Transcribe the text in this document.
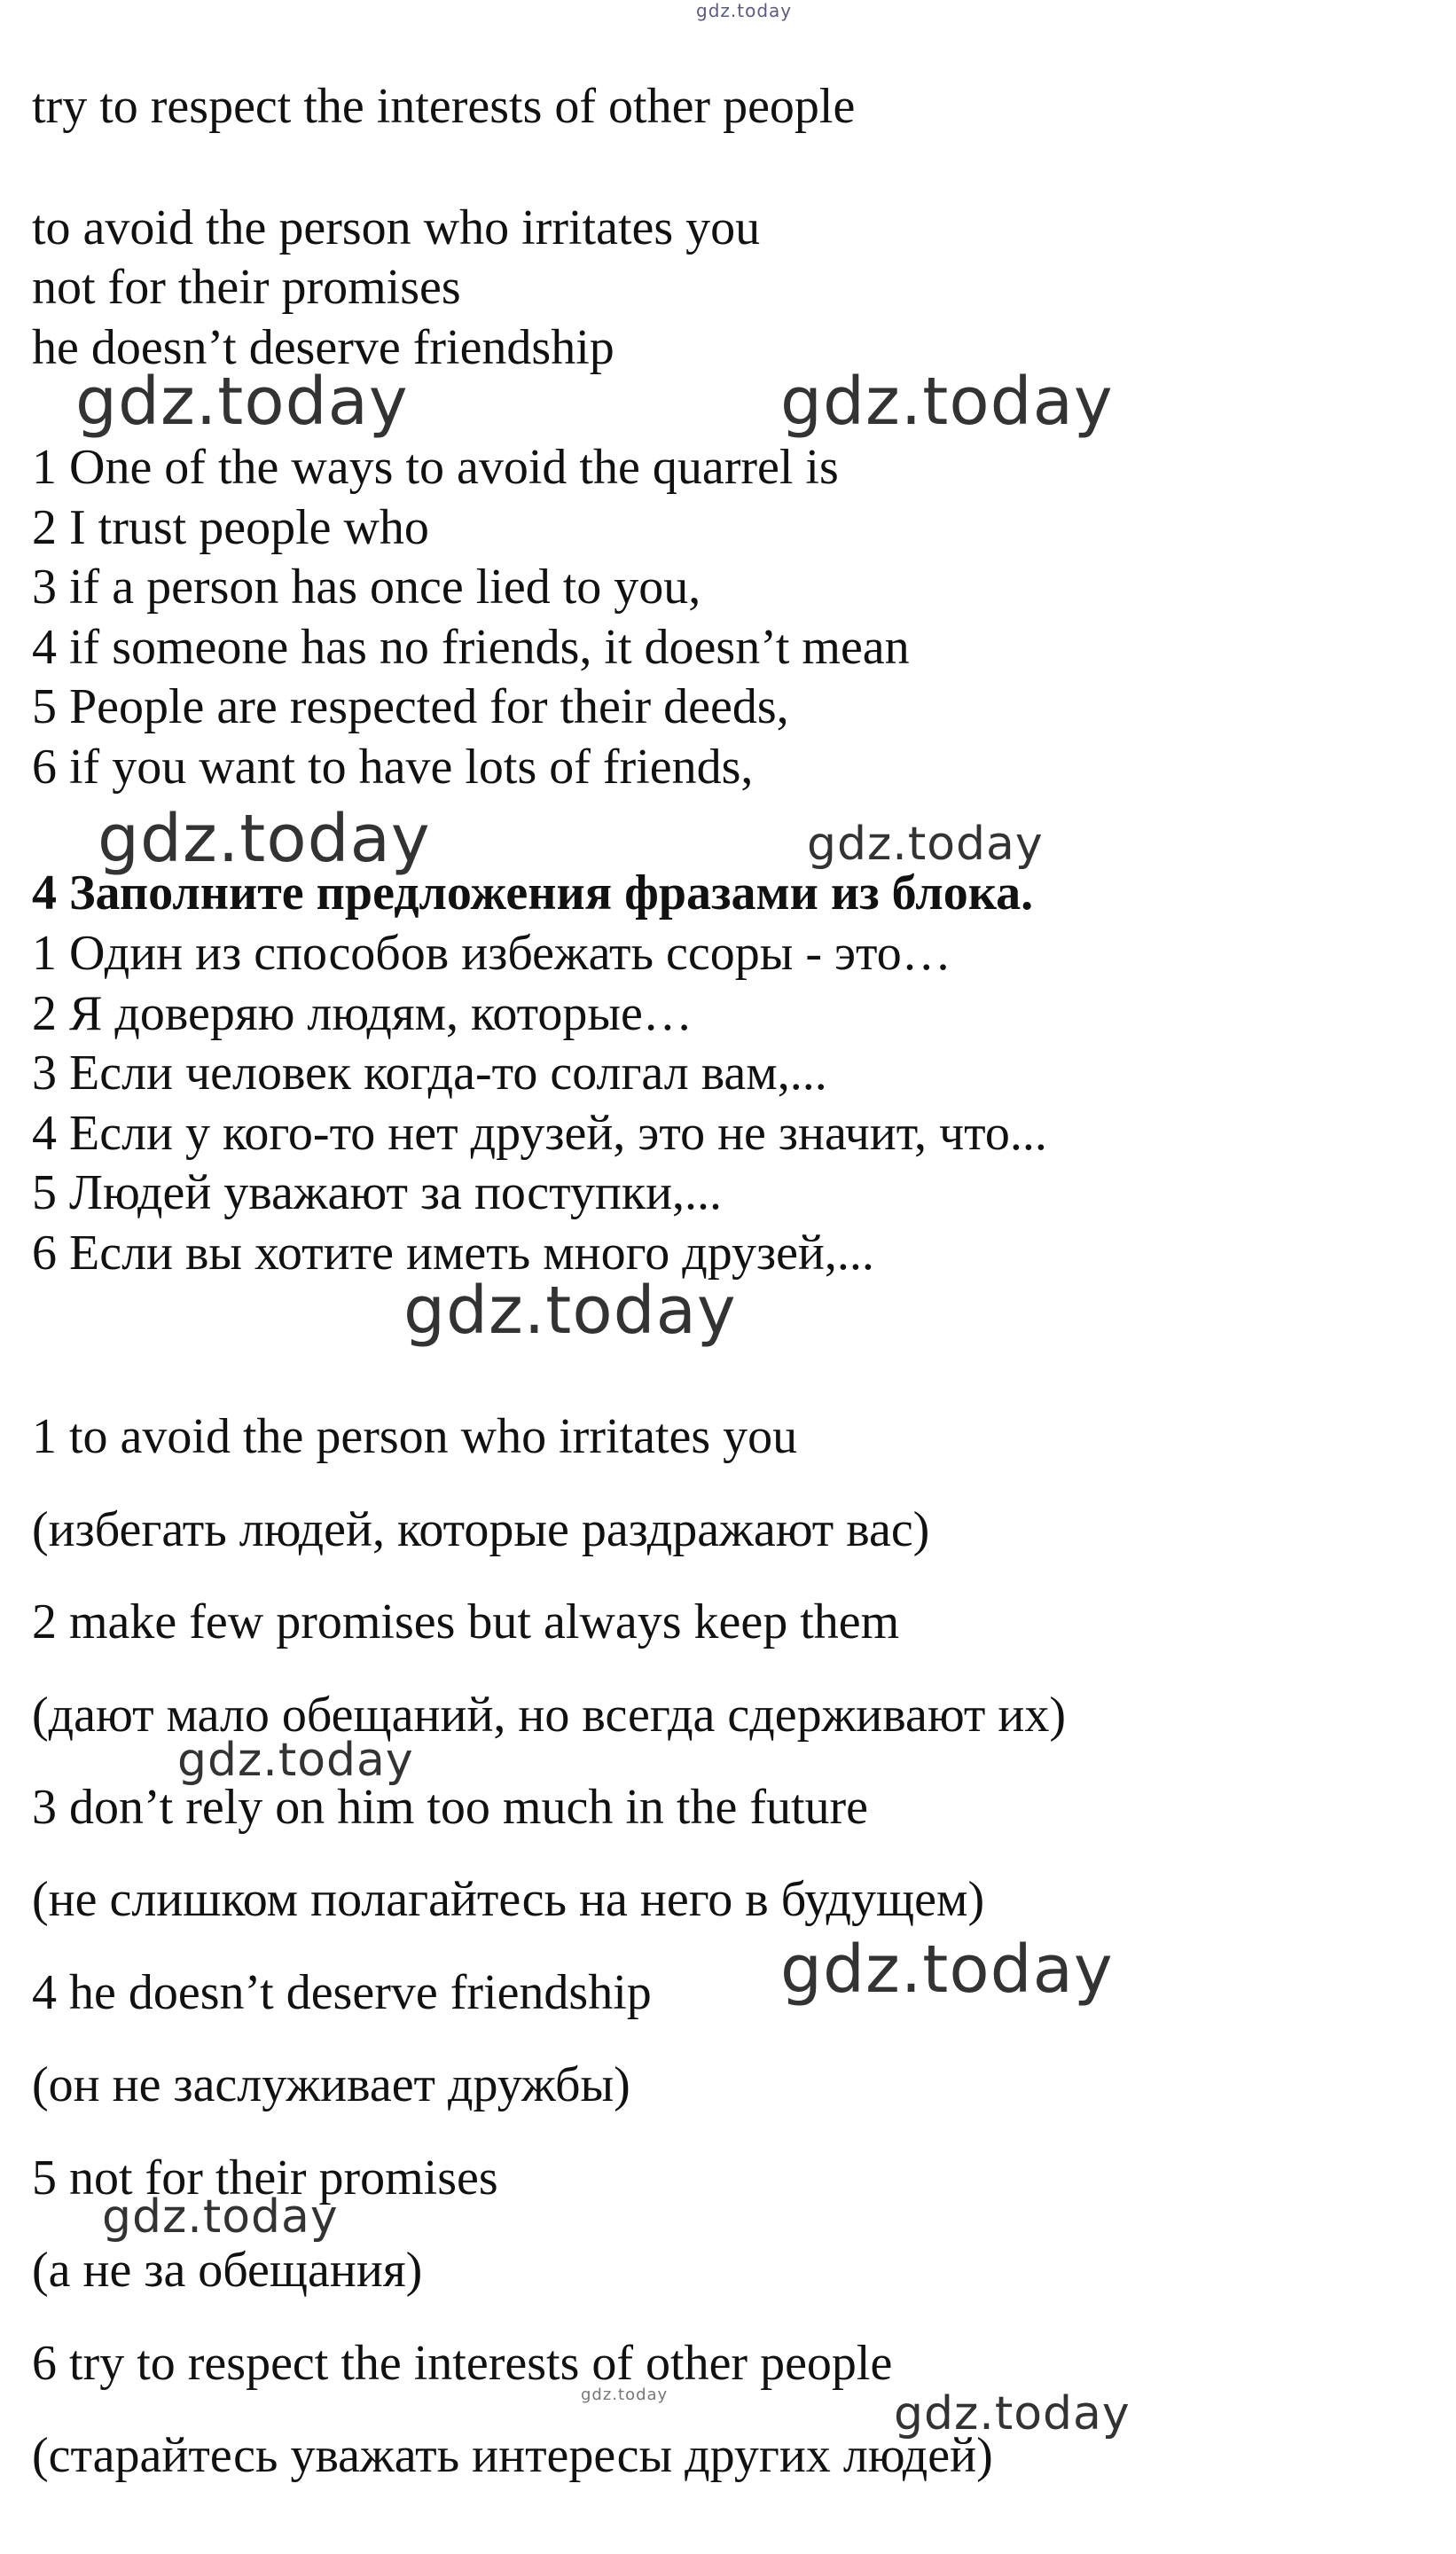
gdz.today

try to respect the interests of other people

to avoid the person who irritates you

not for their promises

he doesn’t deserve friendship

gdz.today	gdz.today

1 One of the ways to avoid the quarrel is

2 I trust people who

3 if a person has once lied to you,

4 if someone has no friends, it doesn’t mean

5 People are respected for their deeds,

6 if you want to have lots of friends,

gdz.today	gdz.today

4 Заполните предложения фразами из блока.

1 Один из способов избежать ссоры - это…

2 Я доверяю людям, которые…

3 Если человек когда-то солгал вам,...

4 Если у кого-то нет друзей, это не значит, что...

5 Людей уважают за поступки,...

6 Если вы хотите иметь много друзей,...

gdz.today

1 to avoid the person who irritates you

(избегать людей, которые раздражают вас)

2 make few promises but always keep them

(дают мало обещаний, но всегда сдерживают их)

gdz.today

3 don’t rely on him too much in the future

(не слишком полагайтесь на него в будущем)

gdz.today

4 he doesn’t deserve friendship

(он не заслуживает дружбы)

5 not for their promises

gdz.today

(а не за обещания)

6 try to respect the interests of other people

gdz.today	gdz.today

(старайтесь уважать интересы других людей)
